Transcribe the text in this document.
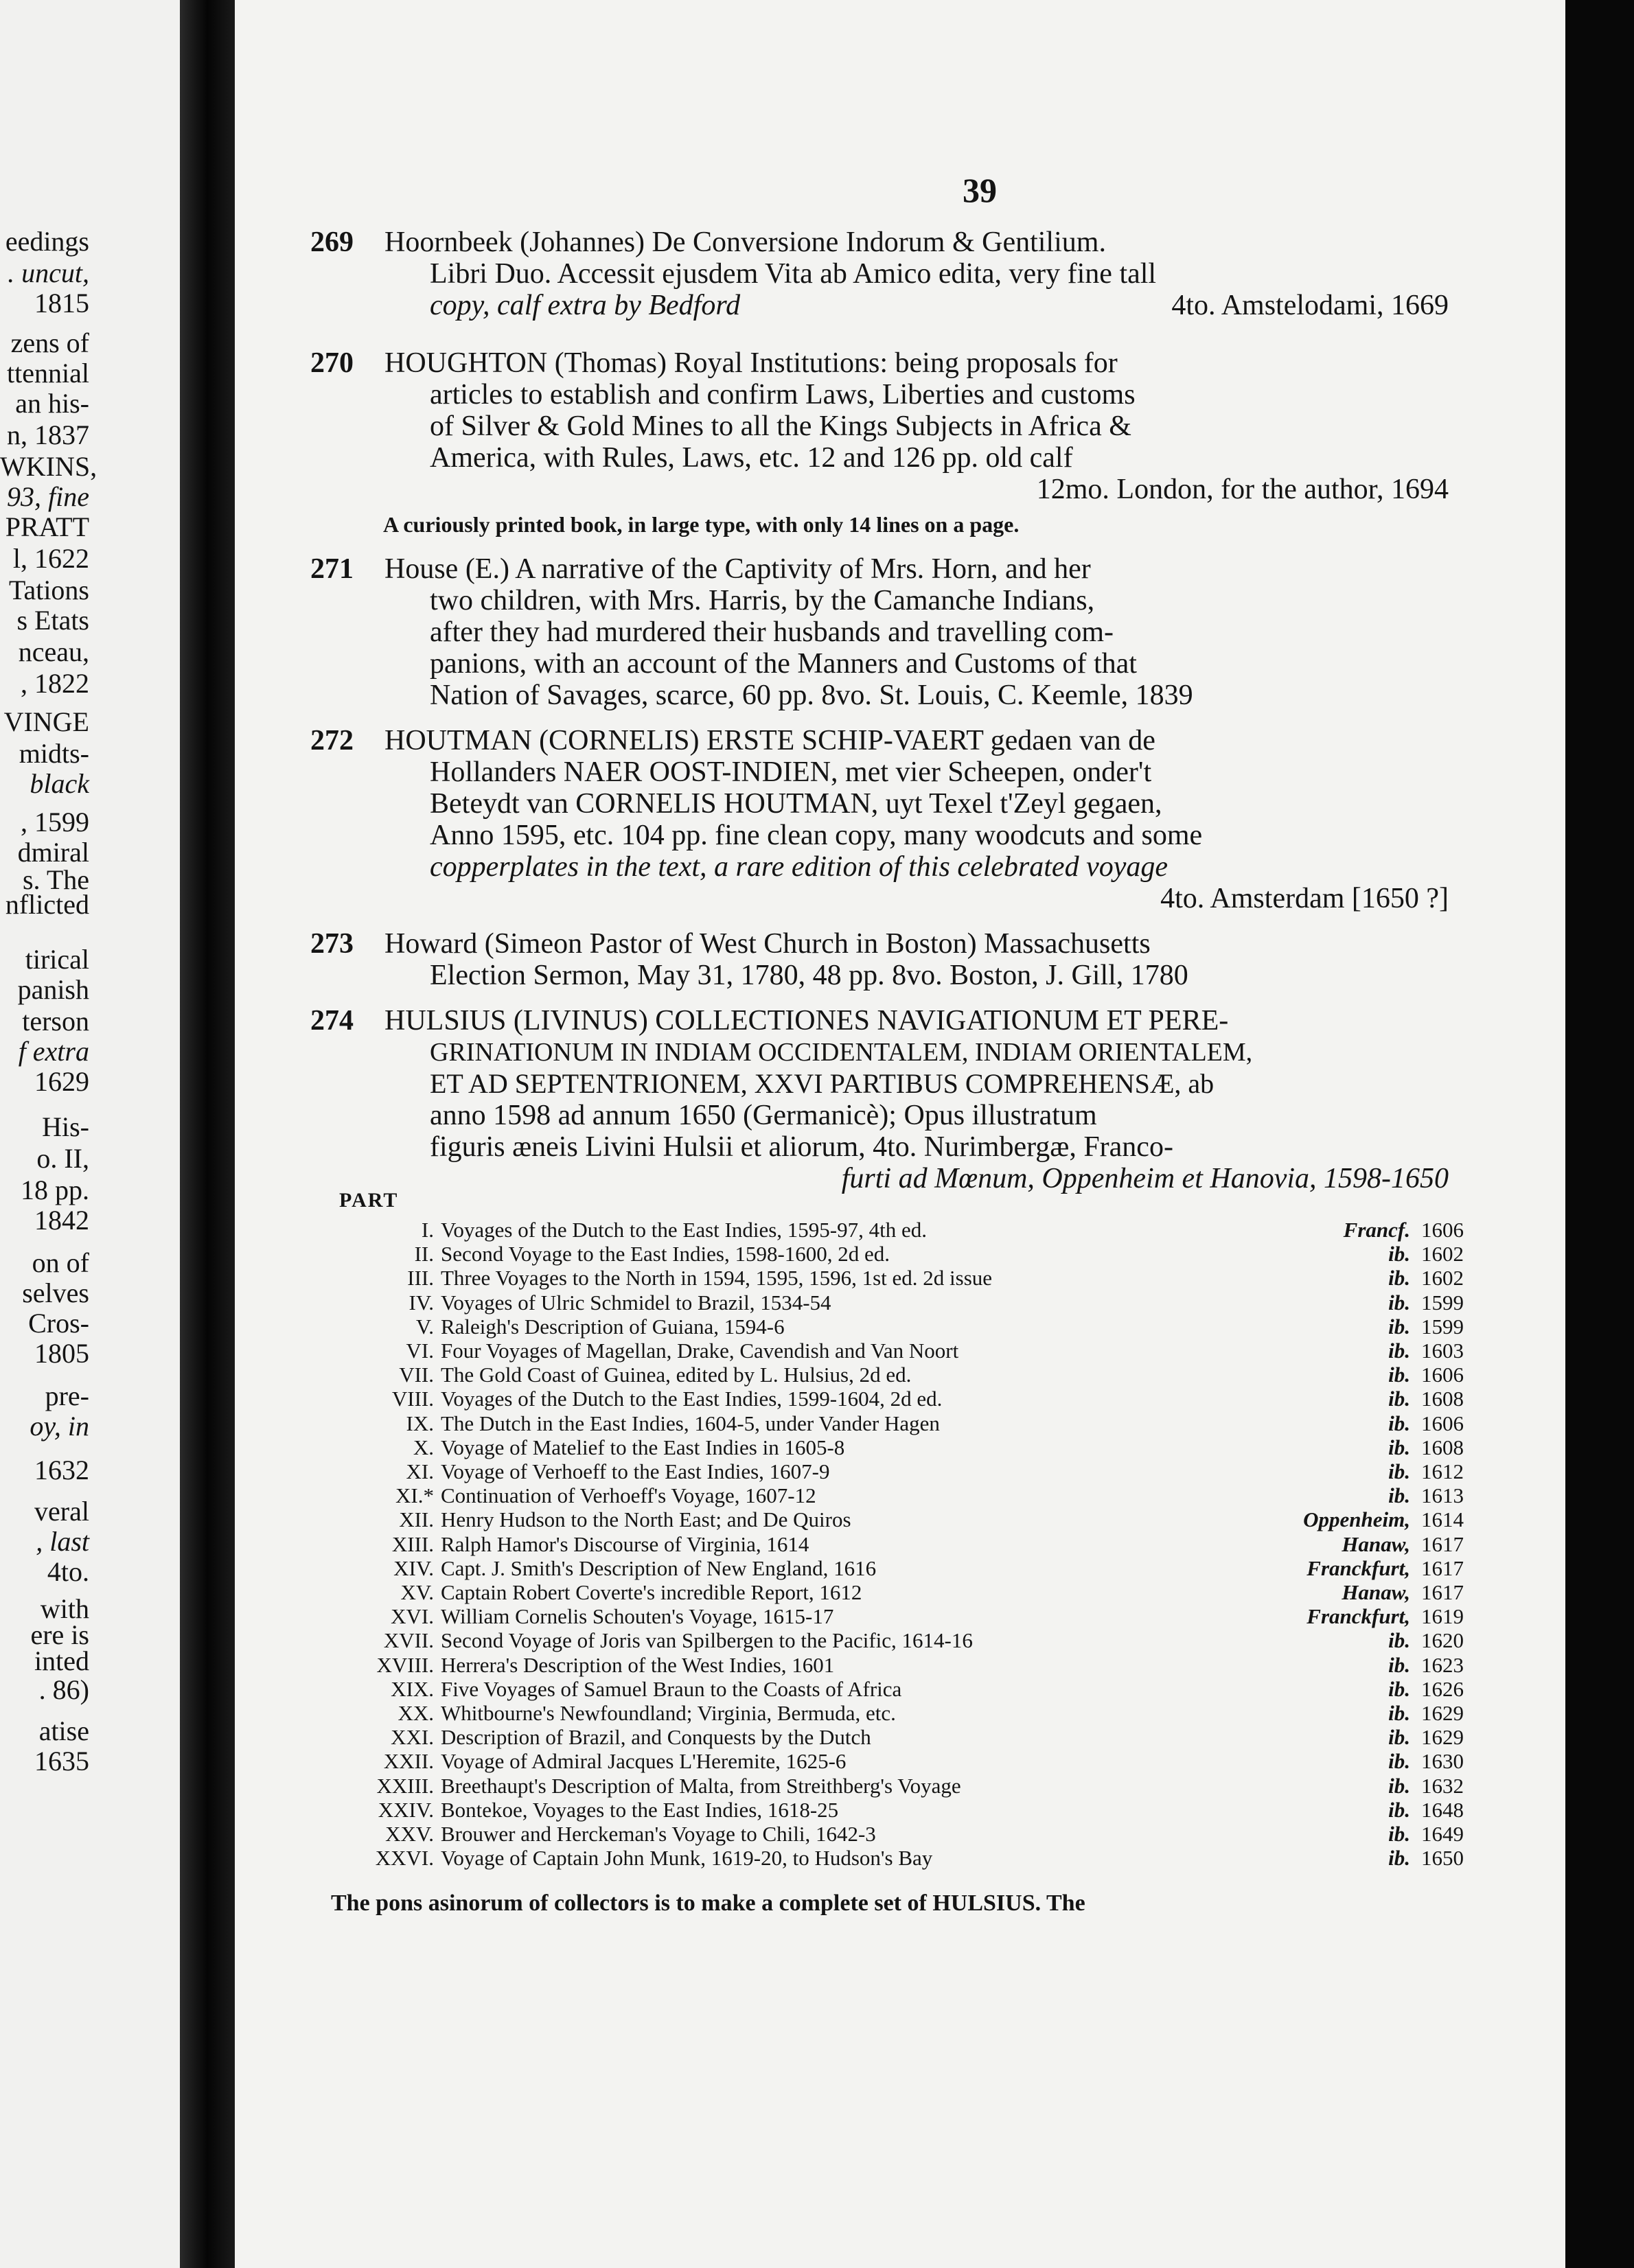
eedings
. uncut,
1815
zens of
ttennial
an his-
n, 1837
WKINS,
93, fine
PRATT
l, 1622
Tations
s Etats
nceau,
, 1822
VINGE
midts-
black
, 1599
dmiral
s. The
nflicted
tirical
panish
terson
f extra
1629
His-
o. II,
18 pp.
1842
on of
selves
Cros-
1805
pre-
oy, in
1632
veral
, last
4to.
with
ere is
inted
. 86)
atise
1635
39
269 Hoornbeek (Johannes) De Conversione Indorum & Gentilium.
Libri Duo. Accessit ejusdem Vita ab Amico edita, very fine tall
copy, calf extra by Bedford	4to. Amstelodami, 1669
270 HOUGHTON (Thomas) Royal Institutions: being proposals for
articles to establish and confirm Laws, Liberties and customs
of Silver & Gold Mines to all the Kings Subjects in Africa &
America, with Rules, Laws, etc. 12 and 126 pp. old calf
12mo. London, for the author, 1694
A curiously printed book, in large type, with only 14 lines on a page.
271 House (E.) A narrative of the Captivity of Mrs. Horn, and her
two children, with Mrs. Harris, by the Camanche Indians,
after they had murdered their husbands and travelling com-
panions, with an account of the Manners and Customs of that
Nation of Savages, scarce, 60 pp. 8vo. St. Louis, C. Keemle, 1839
272 HOUTMAN (CORNELIS) ERSTE SCHIP-VAERT gedaen van de
Hollanders NAER OOST-INDIEN, met vier Scheepen, onder't
Beteydt van CORNELIS HOUTMAN, uyt Texel t'Zeyl gegaen,
Anno 1595, etc. 104 pp. fine clean copy, many woodcuts and some
copperplates in the text, a rare edition of this celebrated voyage
4to. Amsterdam [1650 ?]
273 Howard (Simeon Pastor of West Church in Boston) Massachusetts
Election Sermon, May 31, 1780, 48 pp. 8vo. Boston, J. Gill, 1780
274 HULSIUS (LIVINUS) COLLECTIONES NAVIGATIONUM ET PERE-
GRINATIONUM IN INDIAM OCCIDENTALEM, INDIAM ORIENTALEM,
ET AD SEPTENTRIONEM, XXVI PARTIBUS COMPREHENSÆ, ab
anno 1598 ad annum 1650 (Germanicè); Opus illustratum
figuris æneis Livini Hulsii et aliorum, 4to. Nurimbergæ, Franco-
furti ad Mœnum, Oppenheim et Hanovia, 1598-1650
PART
I. Voyages of the Dutch to the East Indies, 1595-97, 4th ed.	Francf. 1606
II. Second Voyage to the East Indies, 1598-1600, 2d ed.	ib. 1602
III. Three Voyages to the North in 1594, 1595, 1596, 1st ed. 2d issue	ib. 1602
IV. Voyages of Ulric Schmidel to Brazil, 1534-54	ib. 1599
V. Raleigh's Description of Guiana, 1594-6	ib. 1599
VI. Four Voyages of Magellan, Drake, Cavendish and Van Noort	ib. 1603
VII. The Gold Coast of Guinea, edited by L. Hulsius, 2d ed.	ib. 1606
VIII. Voyages of the Dutch to the East Indies, 1599-1604, 2d ed.	ib. 1608
IX. The Dutch in the East Indies, 1604-5, under Vander Hagen	ib. 1606
X. Voyage of Matelief to the East Indies in 1605-8	ib. 1608
XI. Voyage of Verhoeff to the East Indies, 1607-9	ib. 1612
XI.* Continuation of Verhoeff's Voyage, 1607-12	ib. 1613
XII. Henry Hudson to the North East; and De Quiros	Oppenheim, 1614
XIII. Ralph Hamor's Discourse of Virginia, 1614	Hanaw, 1617
XIV. Capt. J. Smith's Description of New England, 1616	Franckfurt, 1617
XV. Captain Robert Coverte's incredible Report, 1612	Hanaw, 1617
XVI. William Cornelis Schouten's Voyage, 1615-17	Franckfurt, 1619
XVII. Second Voyage of Joris van Spilbergen to the Pacific, 1614-16	ib. 1620
XVIII. Herrera's Description of the West Indies, 1601	ib. 1623
XIX. Five Voyages of Samuel Braun to the Coasts of Africa	ib. 1626
XX. Whitbourne's Newfoundland; Virginia, Bermuda, etc.	ib. 1629
XXI. Description of Brazil, and Conquests by the Dutch	ib. 1629
XXII. Voyage of Admiral Jacques L'Heremite, 1625-6	ib. 1630
XXIII. Breethaupt's Description of Malta, from Streithberg's Voyage	ib. 1632
XXIV. Bontekoe, Voyages to the East Indies, 1618-25	ib. 1648
XXV. Brouwer and Herckeman's Voyage to Chili, 1642-3	ib. 1649
XXVI. Voyage of Captain John Munk, 1619-20, to Hudson's Bay	ib. 1650
The pons asinorum of collectors is to make a complete set of HULSIUS. The
